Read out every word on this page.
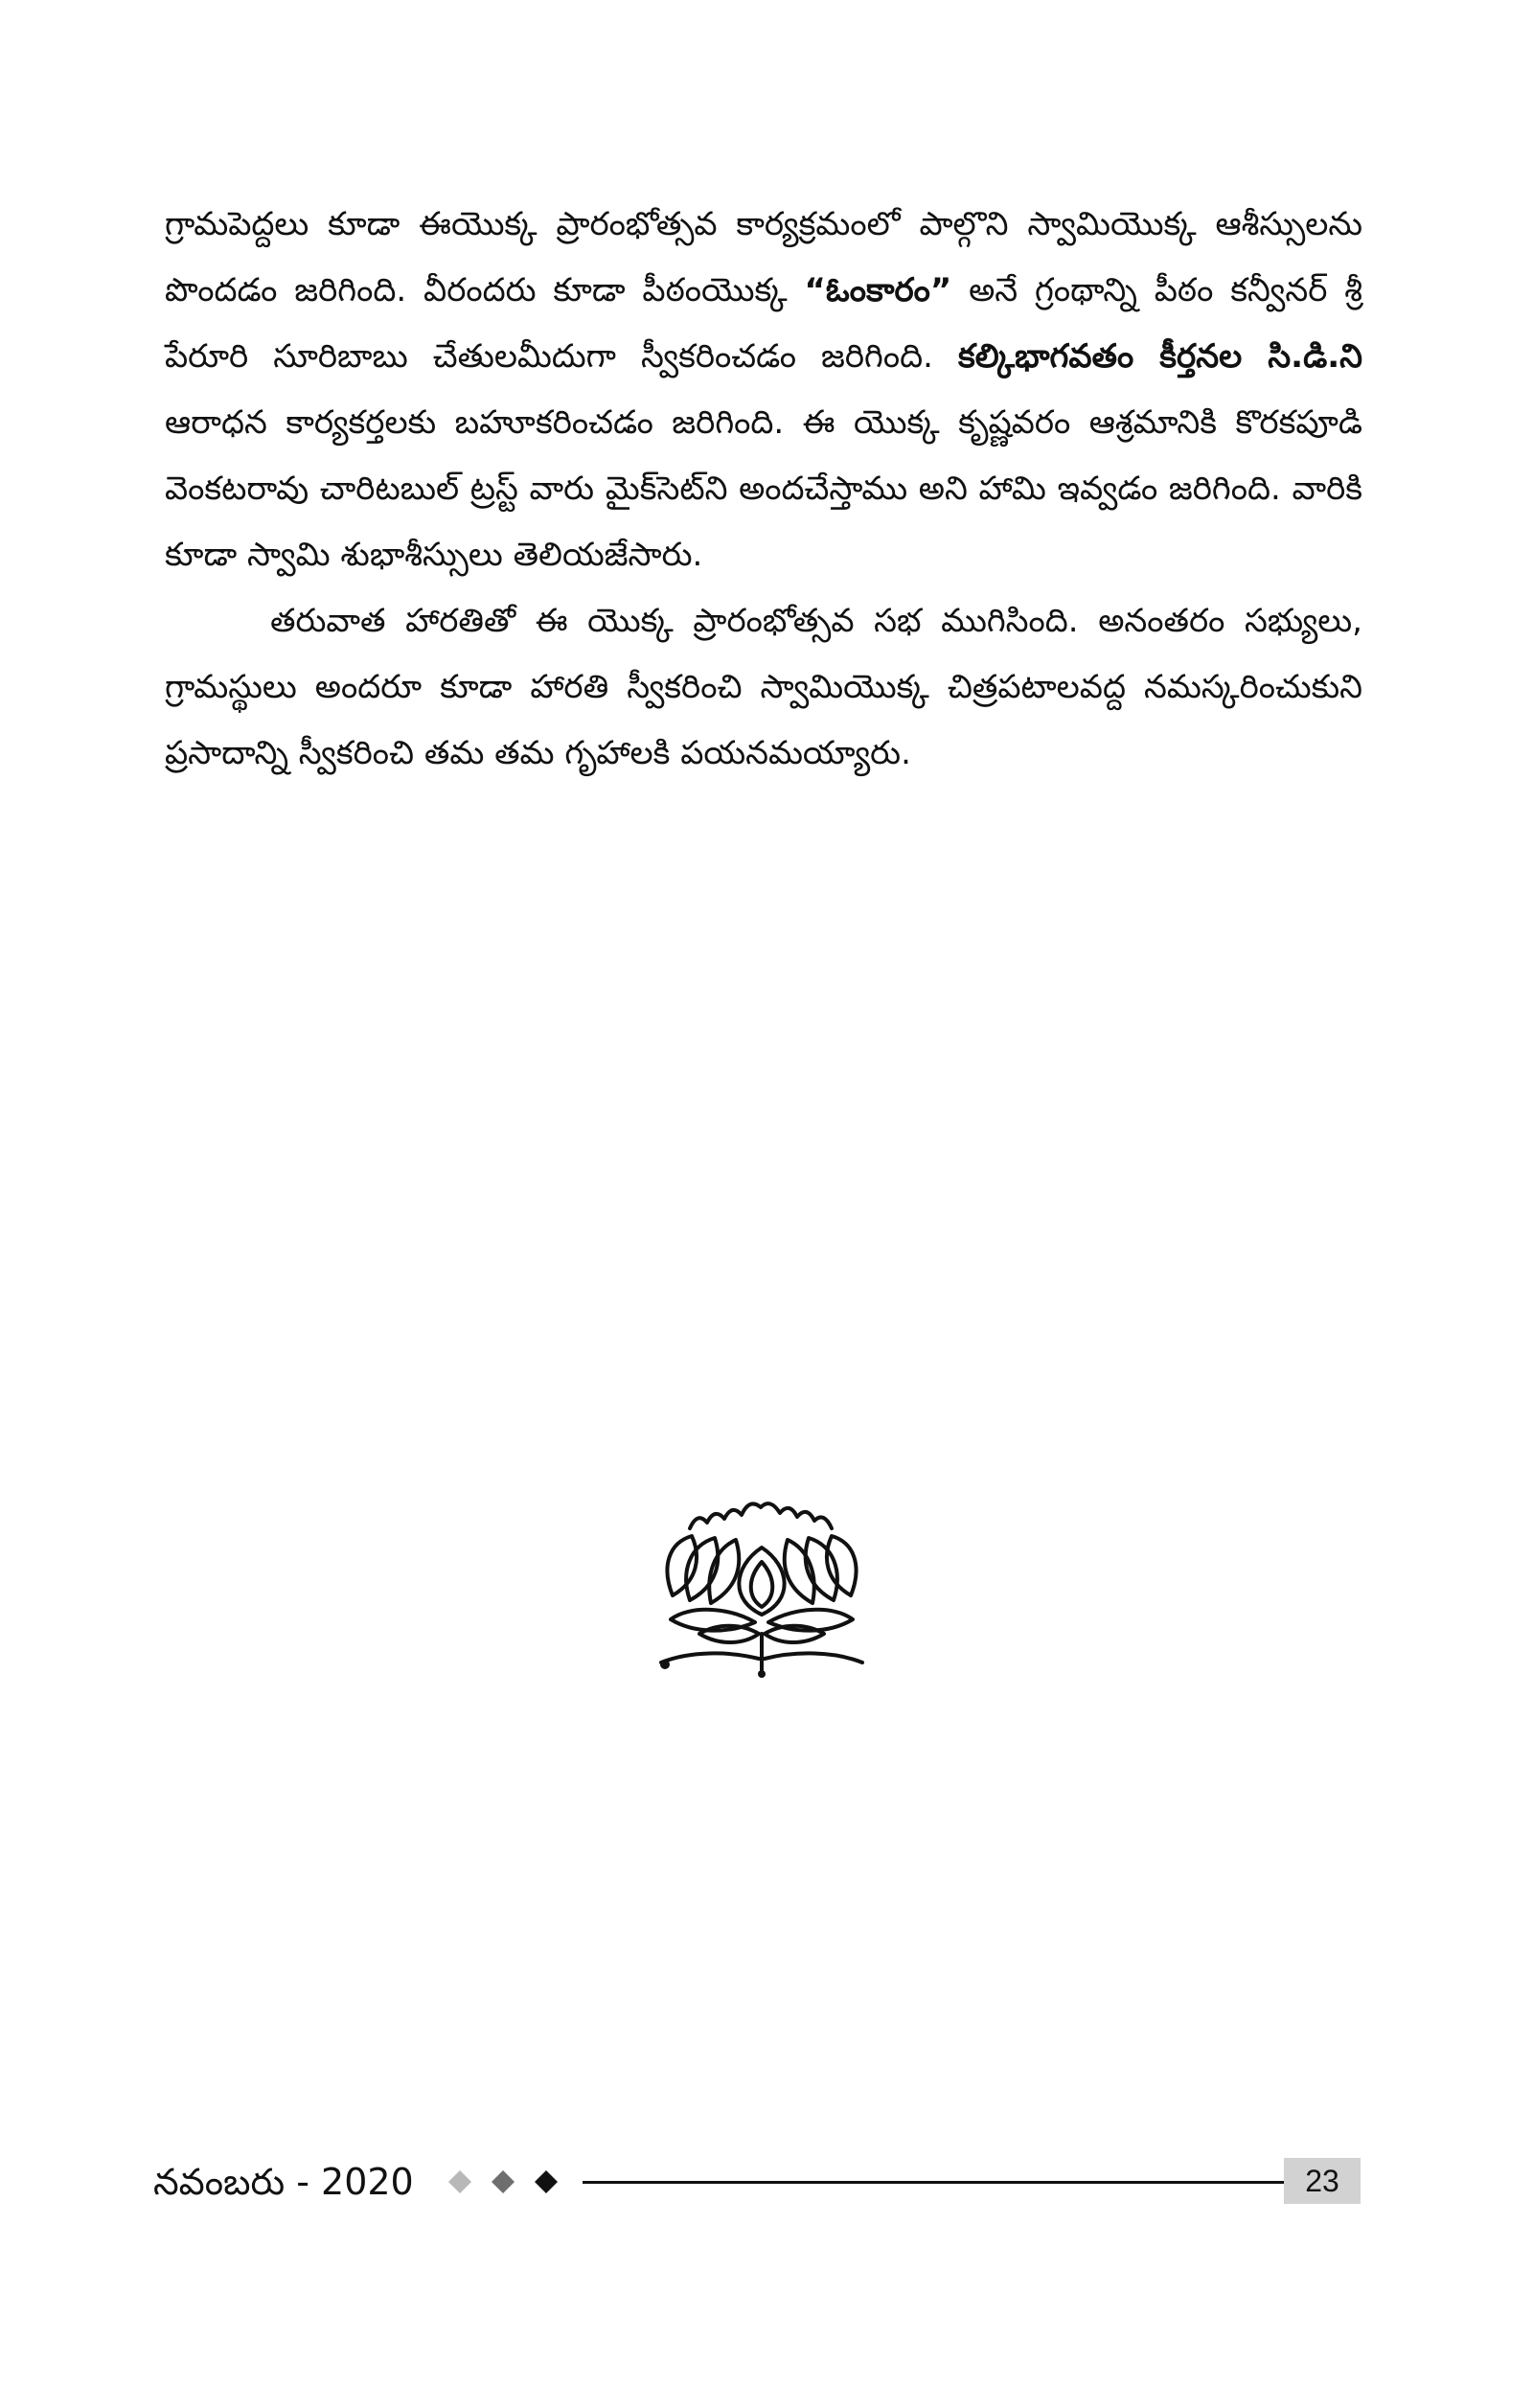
గ్రామపెద్దలు కూడా ఈయొక్క ప్రారంభోత్సవ కార్యక్రమంలో పాల్గొని స్వామియొక్క ఆశీస్సులను పొందడం జరిగింది. వీరందరు కూడా పీఠంయొక్క “ఓంకారం” అనే గ్రంథాన్ని పీఠం కన్వీనర్ శ్రీ పేరూరి సూరిబాబు చేతులమీదుగా స్వీకరించడం జరిగింది. కల్కిభాగవతం కీర్తనల సి.డి.ని ఆరాధన కార్యకర్తలకు బహూకరించడం జరిగింది. ఈ యొక్క కృష్ణవరం ఆశ్రమానికి కొరకపూడి వెంకటరావు చారిటబుల్ ట్రస్ట్ వారు మైక్‌సెట్‌ని అందచేస్తాము అని హామి ఇవ్వడం జరిగింది. వారికి కూడా స్వామి శుభాశీస్సులు తెలియజేసారు.

తరువాత హారతితో ఈ యొక్క ప్రారంభోత్సవ సభ ముగిసింది. అనంతరం సభ్యులు, గ్రామస్థులు అందరూ కూడా హారతి స్వీకరించి స్వామియొక్క చిత్రపటాలవద్ద నమస్కరించుకుని ప్రసాదాన్ని స్వీకరించి తమ తమ గృహాలకి పయనమయ్యారు.

నవంబరు - 2020	23
